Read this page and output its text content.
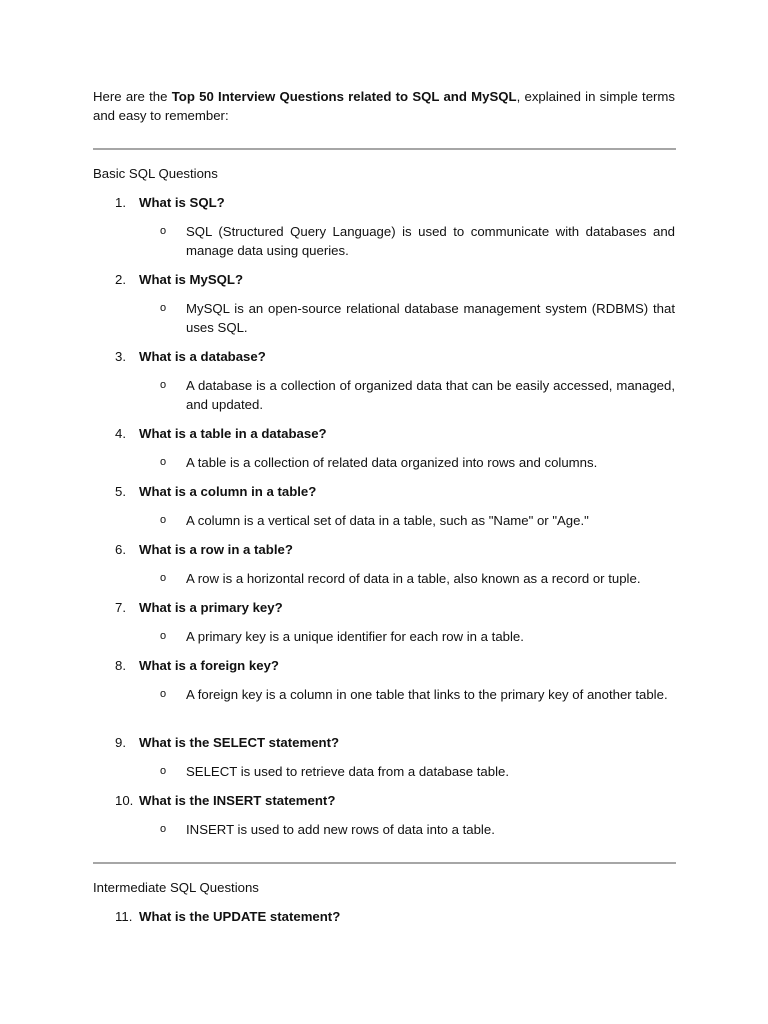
Here are the Top 50 Interview Questions related to SQL and MySQL, explained in simple terms and easy to remember:

Basic SQL Questions
1. What is SQL?
o SQL (Structured Query Language) is used to communicate with databases and manage data using queries.
2. What is MySQL?
o MySQL is an open-source relational database management system (RDBMS) that uses SQL.
3. What is a database?
o A database is a collection of organized data that can be easily accessed, managed, and updated.
4. What is a table in a database?
o A table is a collection of related data organized into rows and columns.
5. What is a column in a table?
o A column is a vertical set of data in a table, such as "Name" or "Age."
6. What is a row in a table?
o A row is a horizontal record of data in a table, also known as a record or tuple.
7. What is a primary key?
o A primary key is a unique identifier for each row in a table.
8. What is a foreign key?
o A foreign key is a column in one table that links to the primary key of another table.
9. What is the SELECT statement?
o SELECT is used to retrieve data from a database table.
10. What is the INSERT statement?
o INSERT is used to add new rows of data into a table.
Intermediate SQL Questions
11. What is the UPDATE statement?
